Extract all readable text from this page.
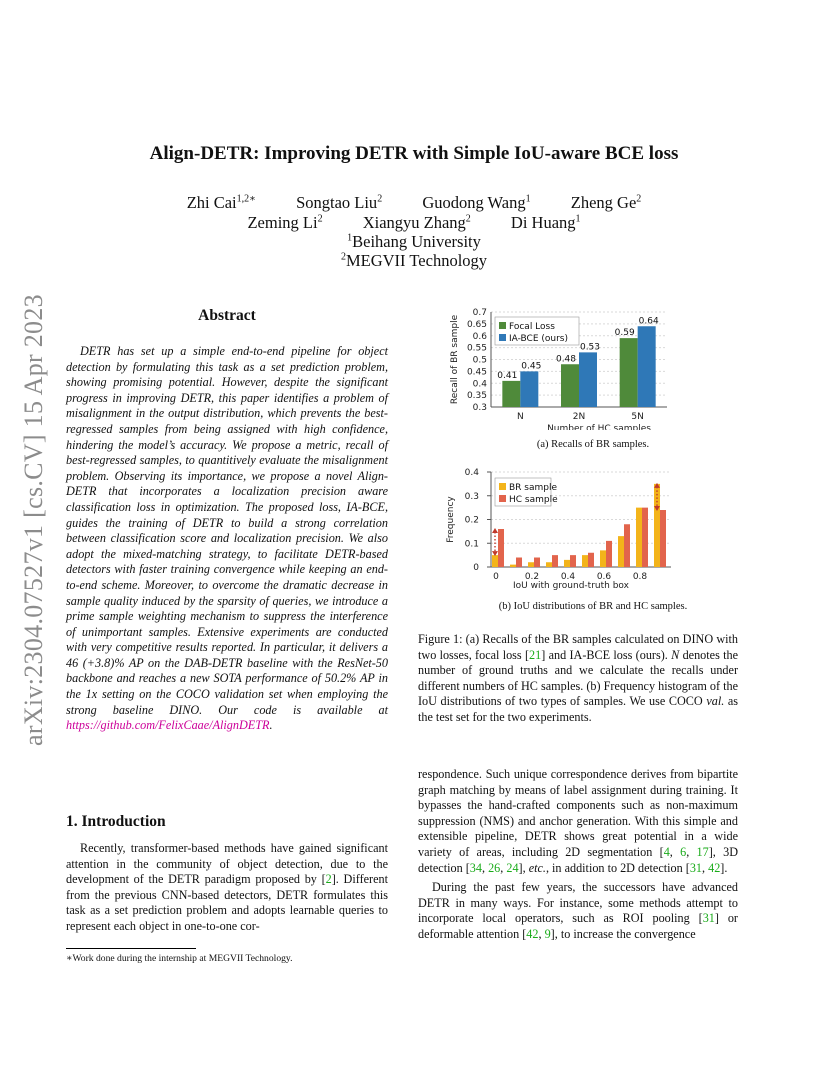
arXiv:2304.07527v1 [cs.CV] 15 Apr 2023
Align-DETR: Improving DETR with Simple IoU-aware BCE loss
Zhi Cai$^{1,2∗}$ Songtao Liu$^2$ Guodong Wang$^1$ Zheng Ge$^2$
Zeming Li$^2$ Xiangyu Zhang$^2$ Di Huang$^1$
$^1$Beihang University
$^2$MEGVII Technology
Abstract
DETR has set up a simple end-to-end pipeline for object detection by formulating this task as a set prediction problem, showing promising potential. However, despite the significant progress in improving DETR, this paper identifies a problem of misalignment in the output distribution, which prevents the best-regressed samples from being assigned with high confidence, hindering the model’s accuracy. We propose a metric, recall of best-regressed samples, to quantitively evaluate the misalignment problem. Observing its importance, we propose a novel Align-DETR that incorporates a localization precision aware classification loss in optimization. The proposed loss, IA-BCE, guides the training of DETR to build a strong correlation between classification score and localization precision. We also adopt the mixed-matching strategy, to facilitate DETR-based detectors with faster training convergence while keeping an end-to-end scheme. Moreover, to overcome the dramatic decrease in sample quality induced by the sparsity of queries, we introduce a prime sample weighting mechanism to suppress the interference of unimportant samples. Extensive experiments are conducted with very competitive results reported. In particular, it delivers a 46 (+3.8)% AP on the DAB-DETR baseline with the ResNet-50 backbone and reaches a new SOTA performance of 50.2% AP in the 1x setting on the COCO validation set when employing the strong baseline DINO. Our code is available at https://github.com/FelixCaae/AlignDETR.
1. Introduction
Recently, transformer-based methods have gained significant attention in the community of object detection, due to the development of the DETR paradigm proposed by [2]. Different from the previous CNN-based detectors, DETR formulates this task as a set prediction problem and adopts learnable queries to represent each object in one-to-one cor-
∗Work done during the internship at MEGVII Technology.
0.3
0.35
0.4
0.45
0.5
0.55
0.6
0.65
0.7
N
0.41
0.45
2N
0.48
0.53
5N
0.59
0.64
Number of HC samples
Recall of BR sample	Focal Loss
IA-BCE (ours)
(a) Recalls of BR samples.
0
0.1
0.2
0.3
0.4
0	0.2 0.4 0.6 0.8
IoU with ground-truth box
Frequency
BR sample
HC sample
(b) IoU distributions of BR and HC samples.
Figure 1: (a) Recalls of the BR samples calculated on DINO with two losses, focal loss [21] and IA-BCE loss (ours). N denotes the number of ground truths and we calculate the recalls under different numbers of HC samples. (b) Frequency histogram of the IoU distributions of two types of samples. We use COCO val. as the test set for the two experiments.

respondence. Such unique correspondence derives from bipartite graph matching by means of label assignment during training. It bypasses the hand-crafted components such as non-maximum suppression (NMS) and anchor generation. With this simple and extensible pipeline, DETR shows great potential in a wide variety of areas, including 2D segmentation [4, 6, 17], 3D detection [34, 26, 24], etc., in addition to 2D detection [31, 42].

During the past few years, the successors have advanced DETR in many ways. For instance, some methods attempt to incorporate local operators, such as ROI pooling [31] or deformable attention [42, 9], to increase the convergence
